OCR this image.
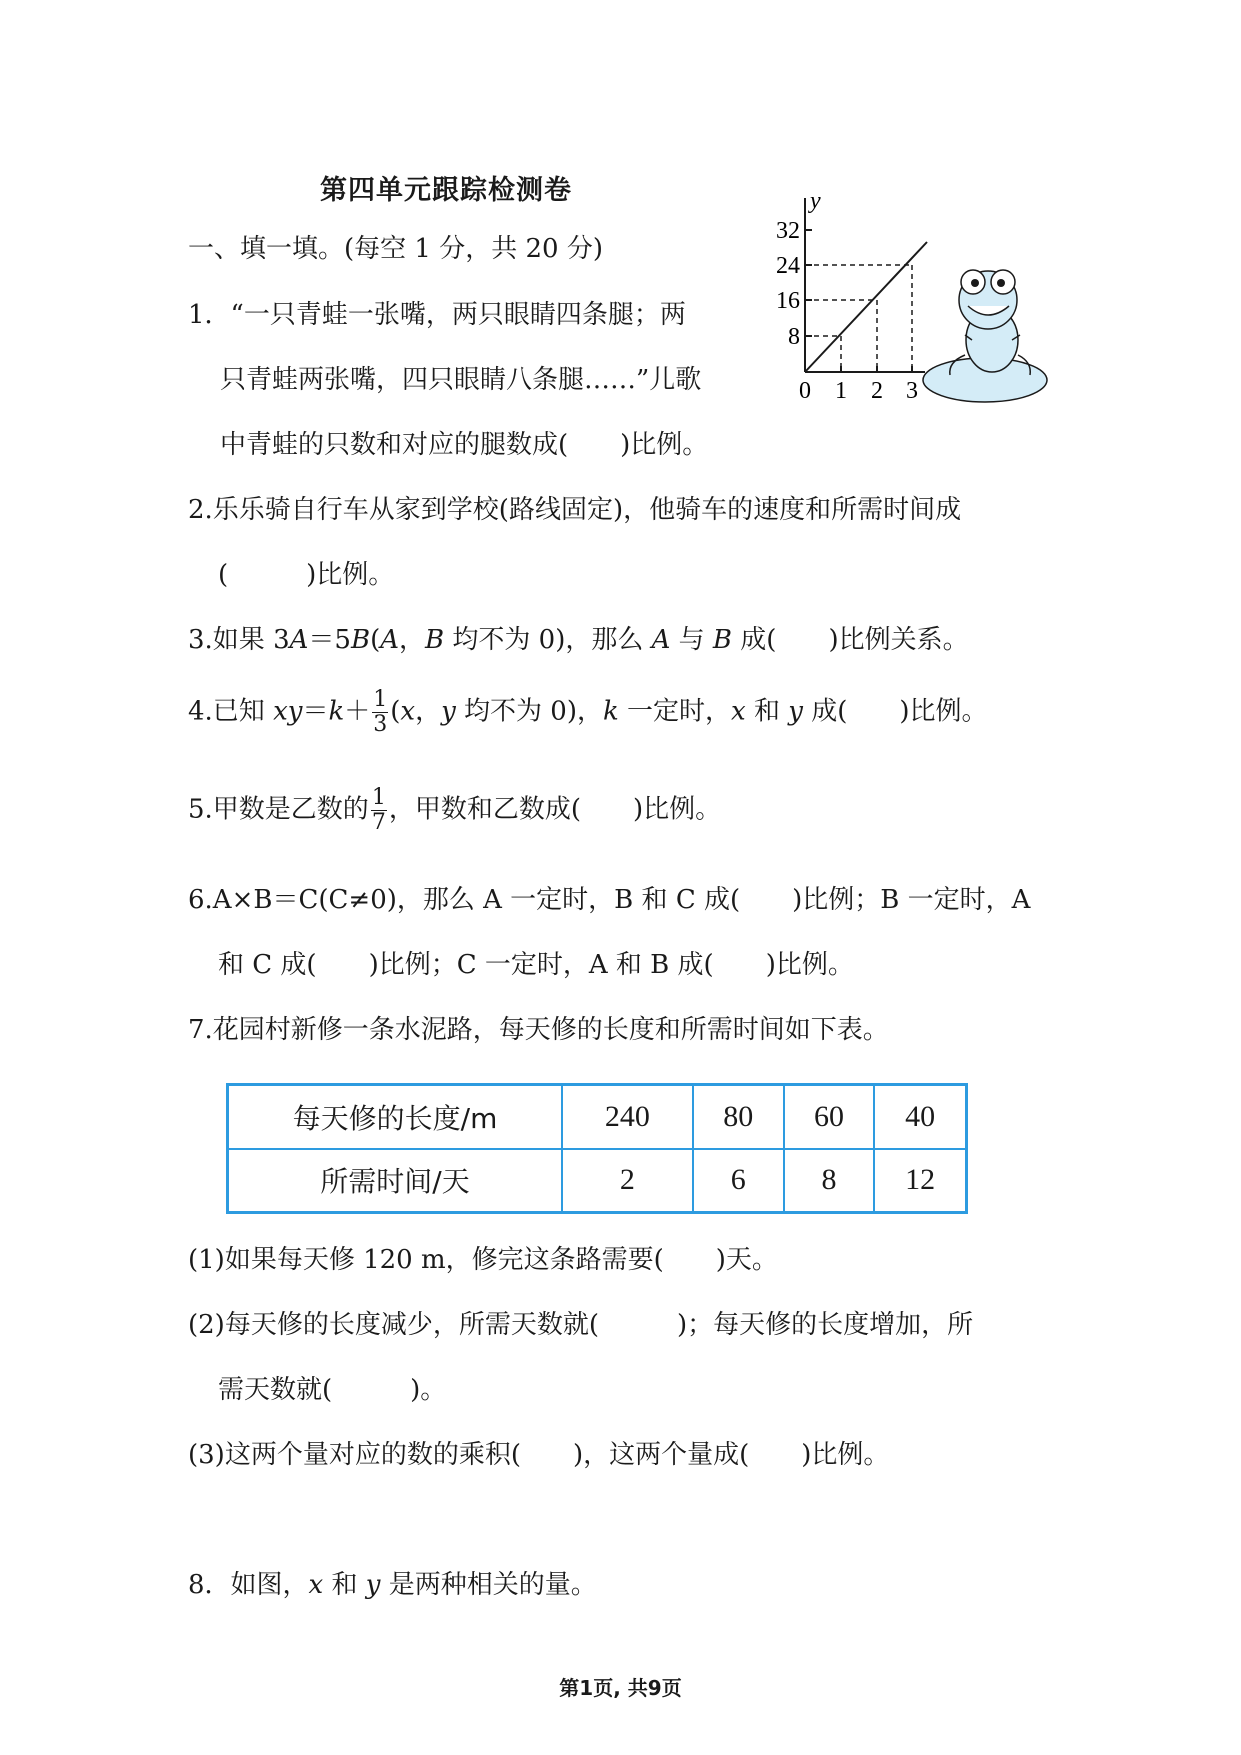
第四单元跟踪检测卷
一、填一填。(每空 1 分，共 20 分)
1．“一只青蛙一张嘴，两只眼睛四条腿；两
只青蛙两张嘴，四只眼睛八条腿……”儿歌
中青蛙的只数和对应的腿数成(　　)比例。
y
32
24
16
8
0 1 2 3
2.乐乐骑自行车从家到学校(路线固定)，他骑车的速度和所需时间成
(　　　)比例。
3.如果 3A＝5B(A，B 均不为 0)，那么 A 与 B 成(　　)比例关系。
4.已知 $xy=k+ \frac{1}{3} (x$，y 均不为 0)，k 一定时，x 和 y 成(　　)比例。
5.甲数是乙数的 $\frac{1}{7}$ ，甲数和乙数成(　　)比例。
6.A×B＝C(C≠0)，那么 A 一定时，B 和 C 成(　　)比例；B 一定时，A
和 C 成(　　)比例；C 一定时，A 和 B 成(　　)比例。
7.花园村新修一条水泥路，每天修的长度和所需时间如下表。
每天修的长度/m	240	80	60	40
所需时间/天	2	6	8	12
(1)如果每天修 120 m，修完这条路需要(　　)天。
(2)每天修的长度减少，所需天数就(　　　)；每天修的长度增加，所
需天数就(　　　)。
(3)这两个量对应的数的乘积(　　)，这两个量成(　　)比例。
8．如图，x 和 y 是两种相关的量。
第1页, 共9页
